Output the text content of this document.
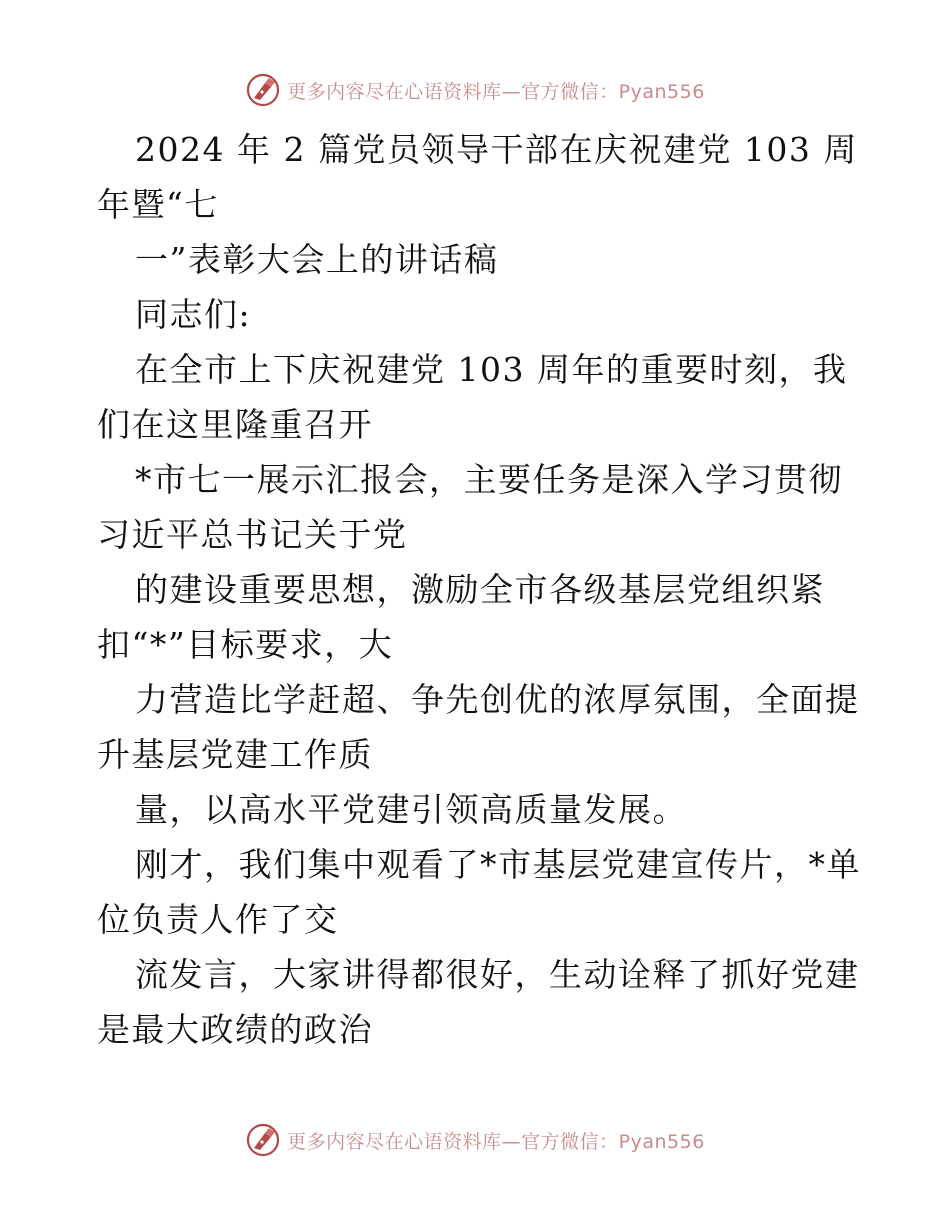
更多内容尽在心语资料库—官方微信：Pyan556
2024 年 2 篇党员领导干部在庆祝建党 103 周
年暨“七
一”表彰大会上的讲话稿
同志们:
在全市上下庆祝建党 103 周年的重要时刻，我
们在这里隆重召开
*市七一展示汇报会，主要任务是深入学习贯彻
习近平总书记关于党
的建设重要思想，激励全市各级基层党组织紧
扣“*”目标要求，大
力营造比学赶超、争先创优的浓厚氛围，全面提
升基层党建工作质
量，以高水平党建引领高质量发展。
刚才，我们集中观看了*市基层党建宣传片，*单
位负责人作了交
流发言，大家讲得都很好，生动诠释了抓好党建
是最大政绩的政治
更多内容尽在心语资料库—官方微信：Pyan556
